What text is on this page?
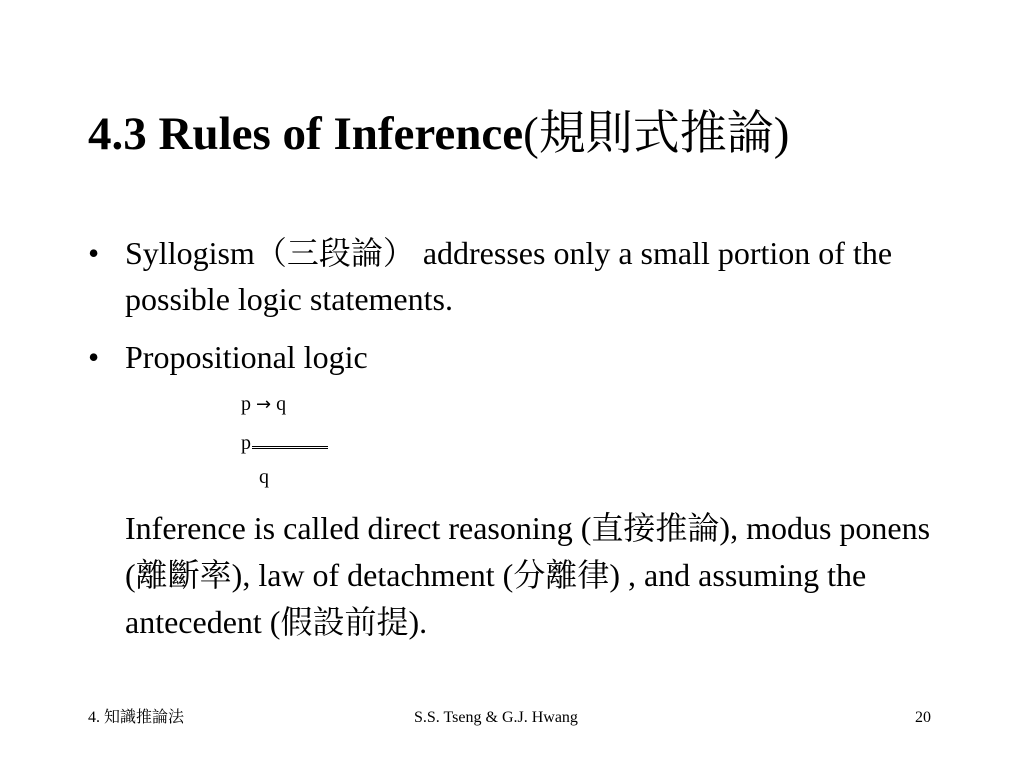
4.3 Rules of Inference(規則式推論)
• Syllogism（三段論） addresses only a small portion of the possible logic statements.
• Propositional logic
p → q
p
q
Inference is called direct reasoning (直接推論), modus ponens (離斷率), law of detachment (分離律) , and assuming the antecedent (假設前提).
4. 知識推論法	S.S. Tseng & G.J. Hwang	20
